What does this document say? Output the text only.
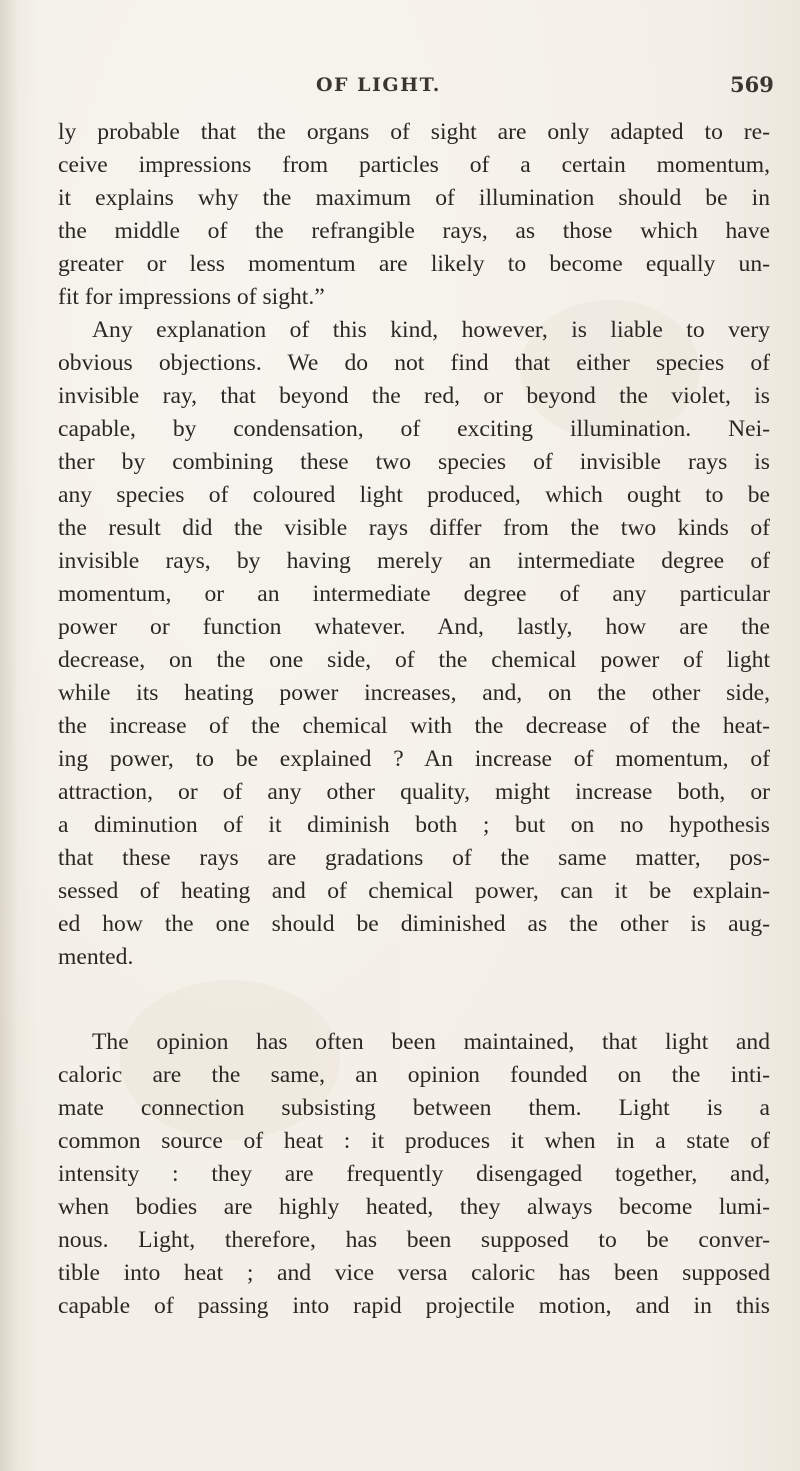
OF LIGHT.	569
ly probable that the organs of sight are only adapted to re-
ceive impressions from particles of a certain momentum,
it explains why the maximum of illumination should be in
the middle of the refrangible rays, as those which have
greater or less momentum are likely to become equally un-
fit for impressions of sight.”
Any explanation of this kind, however, is liable to very
obvious objections. We do not find that either species of
invisible ray, that beyond the red, or beyond the violet, is
capable, by condensation, of exciting illumination. Nei-
ther by combining these two species of invisible rays is
any species of coloured light produced, which ought to be
the result did the visible rays differ from the two kinds of
invisible rays, by having merely an intermediate degree of
momentum, or an intermediate degree of any particular
power or function whatever. And, lastly, how are the
decrease, on the one side, of the chemical power of light
while its heating power increases, and, on the other side,
the increase of the chemical with the decrease of the heat-
ing power, to be explained ? An increase of momentum, of
attraction, or of any other quality, might increase both, or
a diminution of it diminish both ; but on no hypothesis
that these rays are gradations of the same matter, pos-
sessed of heating and of chemical power, can it be explain-
ed how the one should be diminished as the other is aug-
mented.
The opinion has often been maintained, that light and
caloric are the same, an opinion founded on the inti-
mate connection subsisting between them. Light is a
common source of heat : it produces it when in a state of
intensity : they are frequently disengaged together, and,
when bodies are highly heated, they always become lumi-
nous. Light, therefore, has been supposed to be conver-
tible into heat ; and vice versa caloric has been supposed
capable of passing into rapid projectile motion, and in this
